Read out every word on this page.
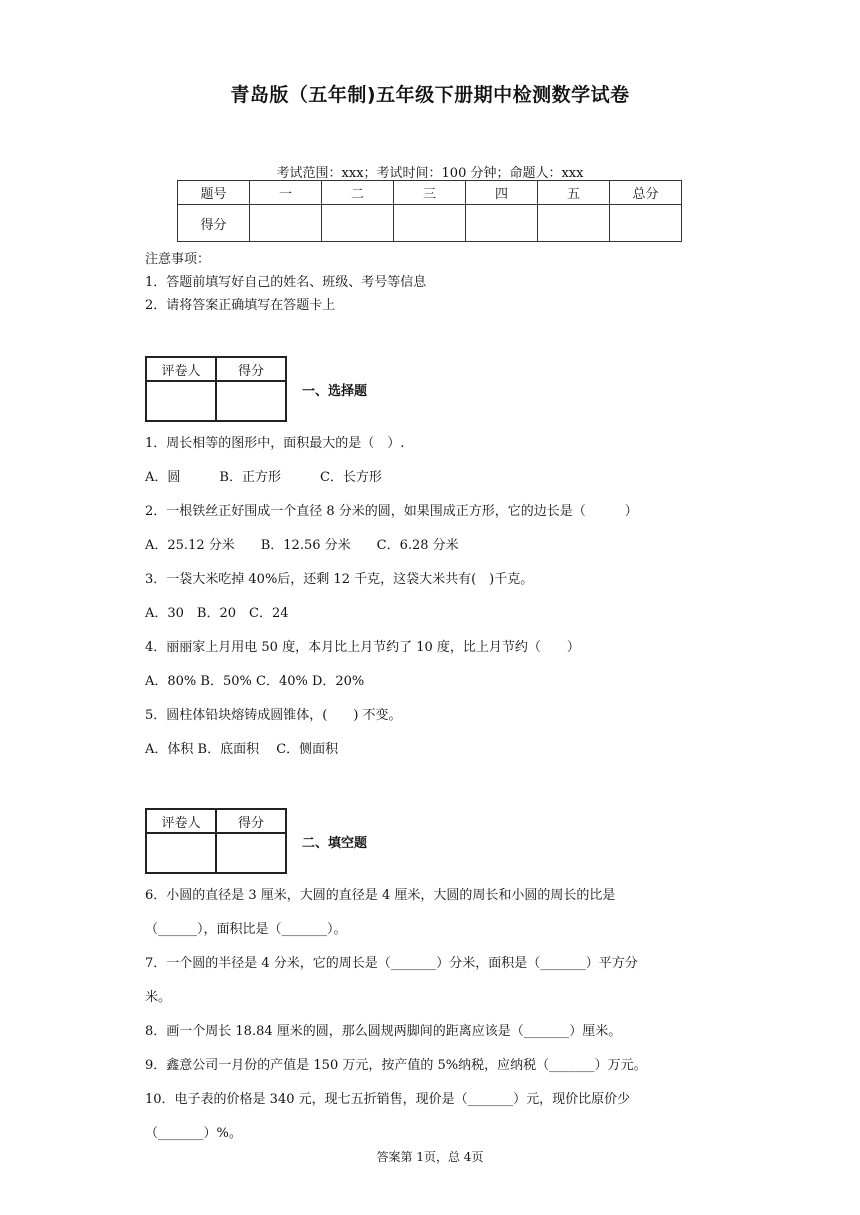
青岛版（五年制)五年级下册期中检测数学试卷
考试范围：xxx；考试时间：100 分钟；命题人：xxx
题号	一	二	三	四	五	总分
得分						
注意事项：
1．答题前填写好自己的姓名、班级、考号等信息
2．请将答案正确填写在答题卡上
评卷人	得分

一、选择题
1．周长相等的图形中，面积最大的是（　）.
A．圆　　　B．正方形　　　C．长方形
2．一根铁丝正好围成一个直径 8 分米的圆，如果围成正方形，它的边长是（　　　）
A．25.12 分米　　B．12.56 分米　　C．6.28 分米
3．一袋大米吃掉 40%后，还剩 12 千克，这袋大米共有(　)千克。
A．30　B．20　C．24
4．丽丽家上月用电 50 度，本月比上月节约了 10 度，比上月节约（　　）
A．80% B．50% C．40% D．20%
5．圆柱体铅块熔铸成圆锥体，(　　) 不变。
A．体积 B．底面积　 C．侧面积
评卷人	得分

二、填空题
6．小圆的直径是 3 厘米，大圆的直径是 4 厘米，大圆的周长和小圆的周长的比是
（______），面积比是（_______）。
7．一个圆的半径是 4 分米，它的周长是（_______）分米，面积是（_______）平方分
米。
8．画一个周长 18.84 厘米的圆，那么圆规两脚间的距离应该是（_______）厘米。
9．鑫意公司一月份的产值是 150 万元，按产值的 5%纳税，应纳税（_______）万元。
10．电子表的价格是 340 元，现七五折销售，现价是（_______）元，现价比原价少
（_______）%。
答案第 1页，总 4页
